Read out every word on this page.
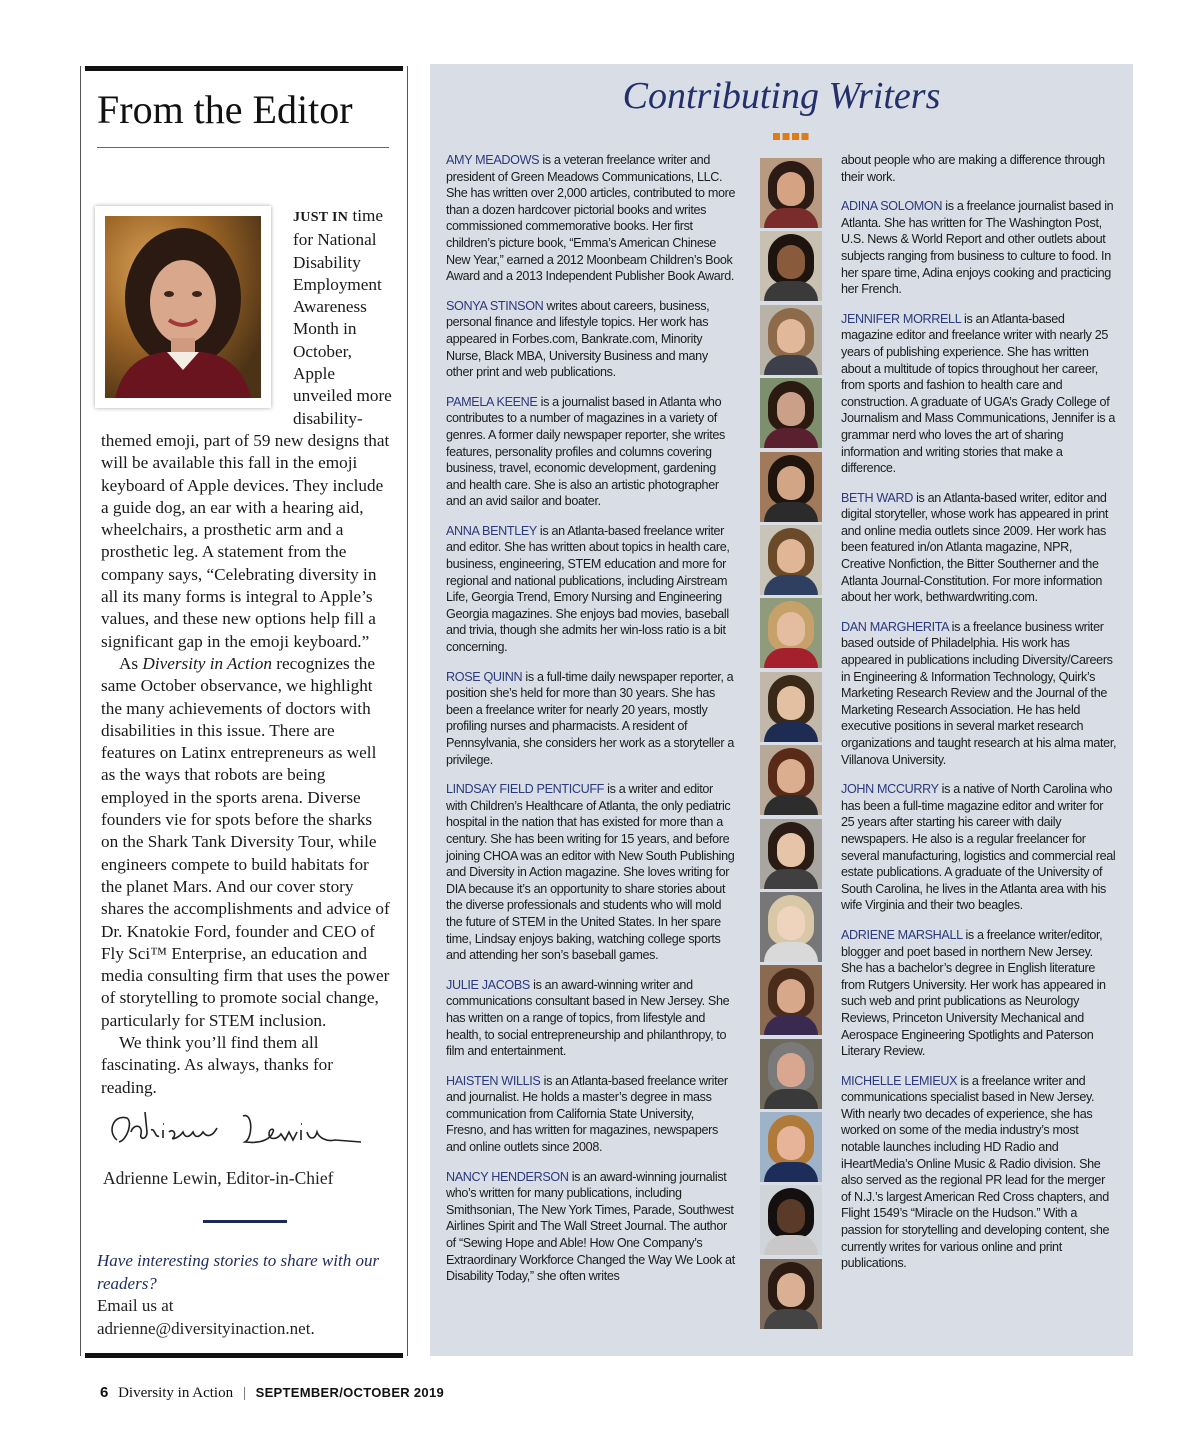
From the Editor

JUST IN time for National Disability Employment Awareness Month in October, Apple unveiled more disability-themed emoji, part of 59 new designs that will be available this fall in the emoji keyboard of Apple devices. They include a guide dog, an ear with a hearing aid, wheelchairs, a prosthetic arm and a prosthetic leg. A statement from the company says, “Celebrating diversity in all its many forms is integral to Apple’s values, and these new options help fill a significant gap in the emoji keyboard.”

As Diversity in Action recognizes the same October observance, we highlight the many achievements of doctors with disabilities in this issue. There are features on Latinx entrepreneurs as well as the ways that robots are being employed in the sports arena. Diverse founders vie for spots before the sharks on the Shark Tank Diversity Tour, while engineers compete to build habitats for the planet Mars. And our cover story shares the accomplishments and advice of Dr. Knatokie Ford, founder and CEO of Fly Sci™ Enterprise, an education and media consulting firm that uses the power of storytelling to promote social change, particularly for STEM inclusion.

We think you’ll find them all fascinating. As always, thanks for reading.

Adrienne Lewin, Editor-in-Chief
Have interesting stories to share with our readers?
Email us at
adrienne@diversityinaction.net.
Contributing Writers

AMY MEADOWS is a veteran freelance writer and president of Green Meadows Communications, LLC. She has written over 2,000 articles, contributed to more than a dozen hardcover pictorial books and writes commissioned commemorative books. Her first children’s picture book, “Emma’s American Chinese New Year,” earned a 2012 Moonbeam Children’s Book Award and a 2013 Independent Publisher Book Award.

SONYA STINSON writes about careers, business, personal finance and lifestyle topics. Her work has appeared in Forbes.com, Bankrate.com, Minority Nurse, Black MBA, University Business and many other print and web publications.

PAMELA KEENE is a journalist based in Atlanta who contributes to a number of magazines in a variety of genres. A former daily newspaper reporter, she writes features, personality profiles and columns covering business, travel, economic development, gardening and health care. She is also an artistic photographer and an avid sailor and boater.

ANNA BENTLEY is an Atlanta-based freelance writer and editor. She has written about topics in health care, business, engineering, STEM education and more for regional and national publications, including Airstream Life, Georgia Trend, Emory Nursing and Engineering Georgia magazines. She enjoys bad movies, baseball and trivia, though she admits her win-loss ratio is a bit concerning.

ROSE QUINN is a full-time daily newspaper reporter, a position she’s held for more than 30 years. She has been a freelance writer for nearly 20 years, mostly profiling nurses and pharmacists. A resident of Pennsylvania, she considers her work as a storyteller a privilege.

LINDSAY FIELD PENTICUFF is a writer and editor with Children’s Healthcare of Atlanta, the only pediatric hospital in the nation that has existed for more than a century. She has been writing for 15 years, and before joining CHOA was an editor with New South Publishing and Diversity in Action magazine. She loves writing for DIA because it’s an opportunity to share stories about the diverse professionals and students who will mold the future of STEM in the United States. In her spare time, Lindsay enjoys baking, watching college sports and attending her son’s baseball games.

JULIE JACOBS is an award-winning writer and communications consultant based in New Jersey. She has written on a range of topics, from lifestyle and health, to social entrepreneurship and philanthropy, to film and entertainment.

HAISTEN WILLIS is an Atlanta-based freelance writer and journalist. He holds a master’s degree in mass communication from California State University, Fresno, and has written for magazines, newspapers and online outlets since 2008.

NANCY HENDERSON is an award-winning journalist who’s written for many publications, including Smithsonian, The New York Times, Parade, Southwest Airlines Spirit and The Wall Street Journal. The author of “Sewing Hope and Able! How One Company’s Extraordinary Workforce Changed the Way We Look at Disability Today,” she often writes

about people who are making a difference through their work.

ADINA SOLOMON is a freelance journalist based in Atlanta. She has written for The Washington Post, U.S. News & World Report and other outlets about subjects ranging from business to culture to food. In her spare time, Adina enjoys cooking and practicing her French.

JENNIFER MORRELL is an Atlanta-based magazine editor and freelance writer with nearly 25 years of publishing experience. She has written about a multitude of topics throughout her career, from sports and fashion to health care and construction. A graduate of UGA’s Grady College of Journalism and Mass Communications, Jennifer is a grammar nerd who loves the art of sharing information and writing stories that make a difference.

BETH WARD is an Atlanta-based writer, editor and digital storyteller, whose work has appeared in print and online media outlets since 2009. Her work has been featured in/on Atlanta magazine, NPR, Creative Nonfiction, the Bitter Southerner and the Atlanta Journal-Constitution. For more information about her work, bethwardwriting.com.

DAN MARGHERITA is a freelance business writer based outside of Philadelphia. His work has appeared in publications including Diversity/Careers in Engineering & Information Technology, Quirk’s Marketing Research Review and the Journal of the Marketing Research Association. He has held executive positions in several market research organizations and taught research at his alma mater, Villanova University.

JOHN MCCURRY is a native of North Carolina who has been a full-time magazine editor and writer for 25 years after starting his career with daily newspapers. He also is a regular freelancer for several manufacturing, logistics and commercial real estate publications. A graduate of the University of South Carolina, he lives in the Atlanta area with his wife Virginia and their two beagles.

ADRIENE MARSHALL is a freelance writer/editor, blogger and poet based in northern New Jersey. She has a bachelor’s degree in English literature from Rutgers University. Her work has appeared in such web and print publications as Neurology Reviews, Princeton University Mechanical and Aerospace Engineering Spotlights and Paterson Literary Review.

MICHELLE LEMIEUX is a freelance writer and communications specialist based in New Jersey. With nearly two decades of experience, she has worked on some of the media industry’s most notable launches including HD Radio and iHeartMedia’s Online Music & Radio division. She also served as the regional PR lead for the merger of N.J.’s largest American Red Cross chapters, and Flight 1549’s “Miracle on the Hudson.” With a passion for storytelling and developing content, she currently writes for various online and print publications.

6 Diversity in Action | SEPTEMBER/OCTOBER 2019
